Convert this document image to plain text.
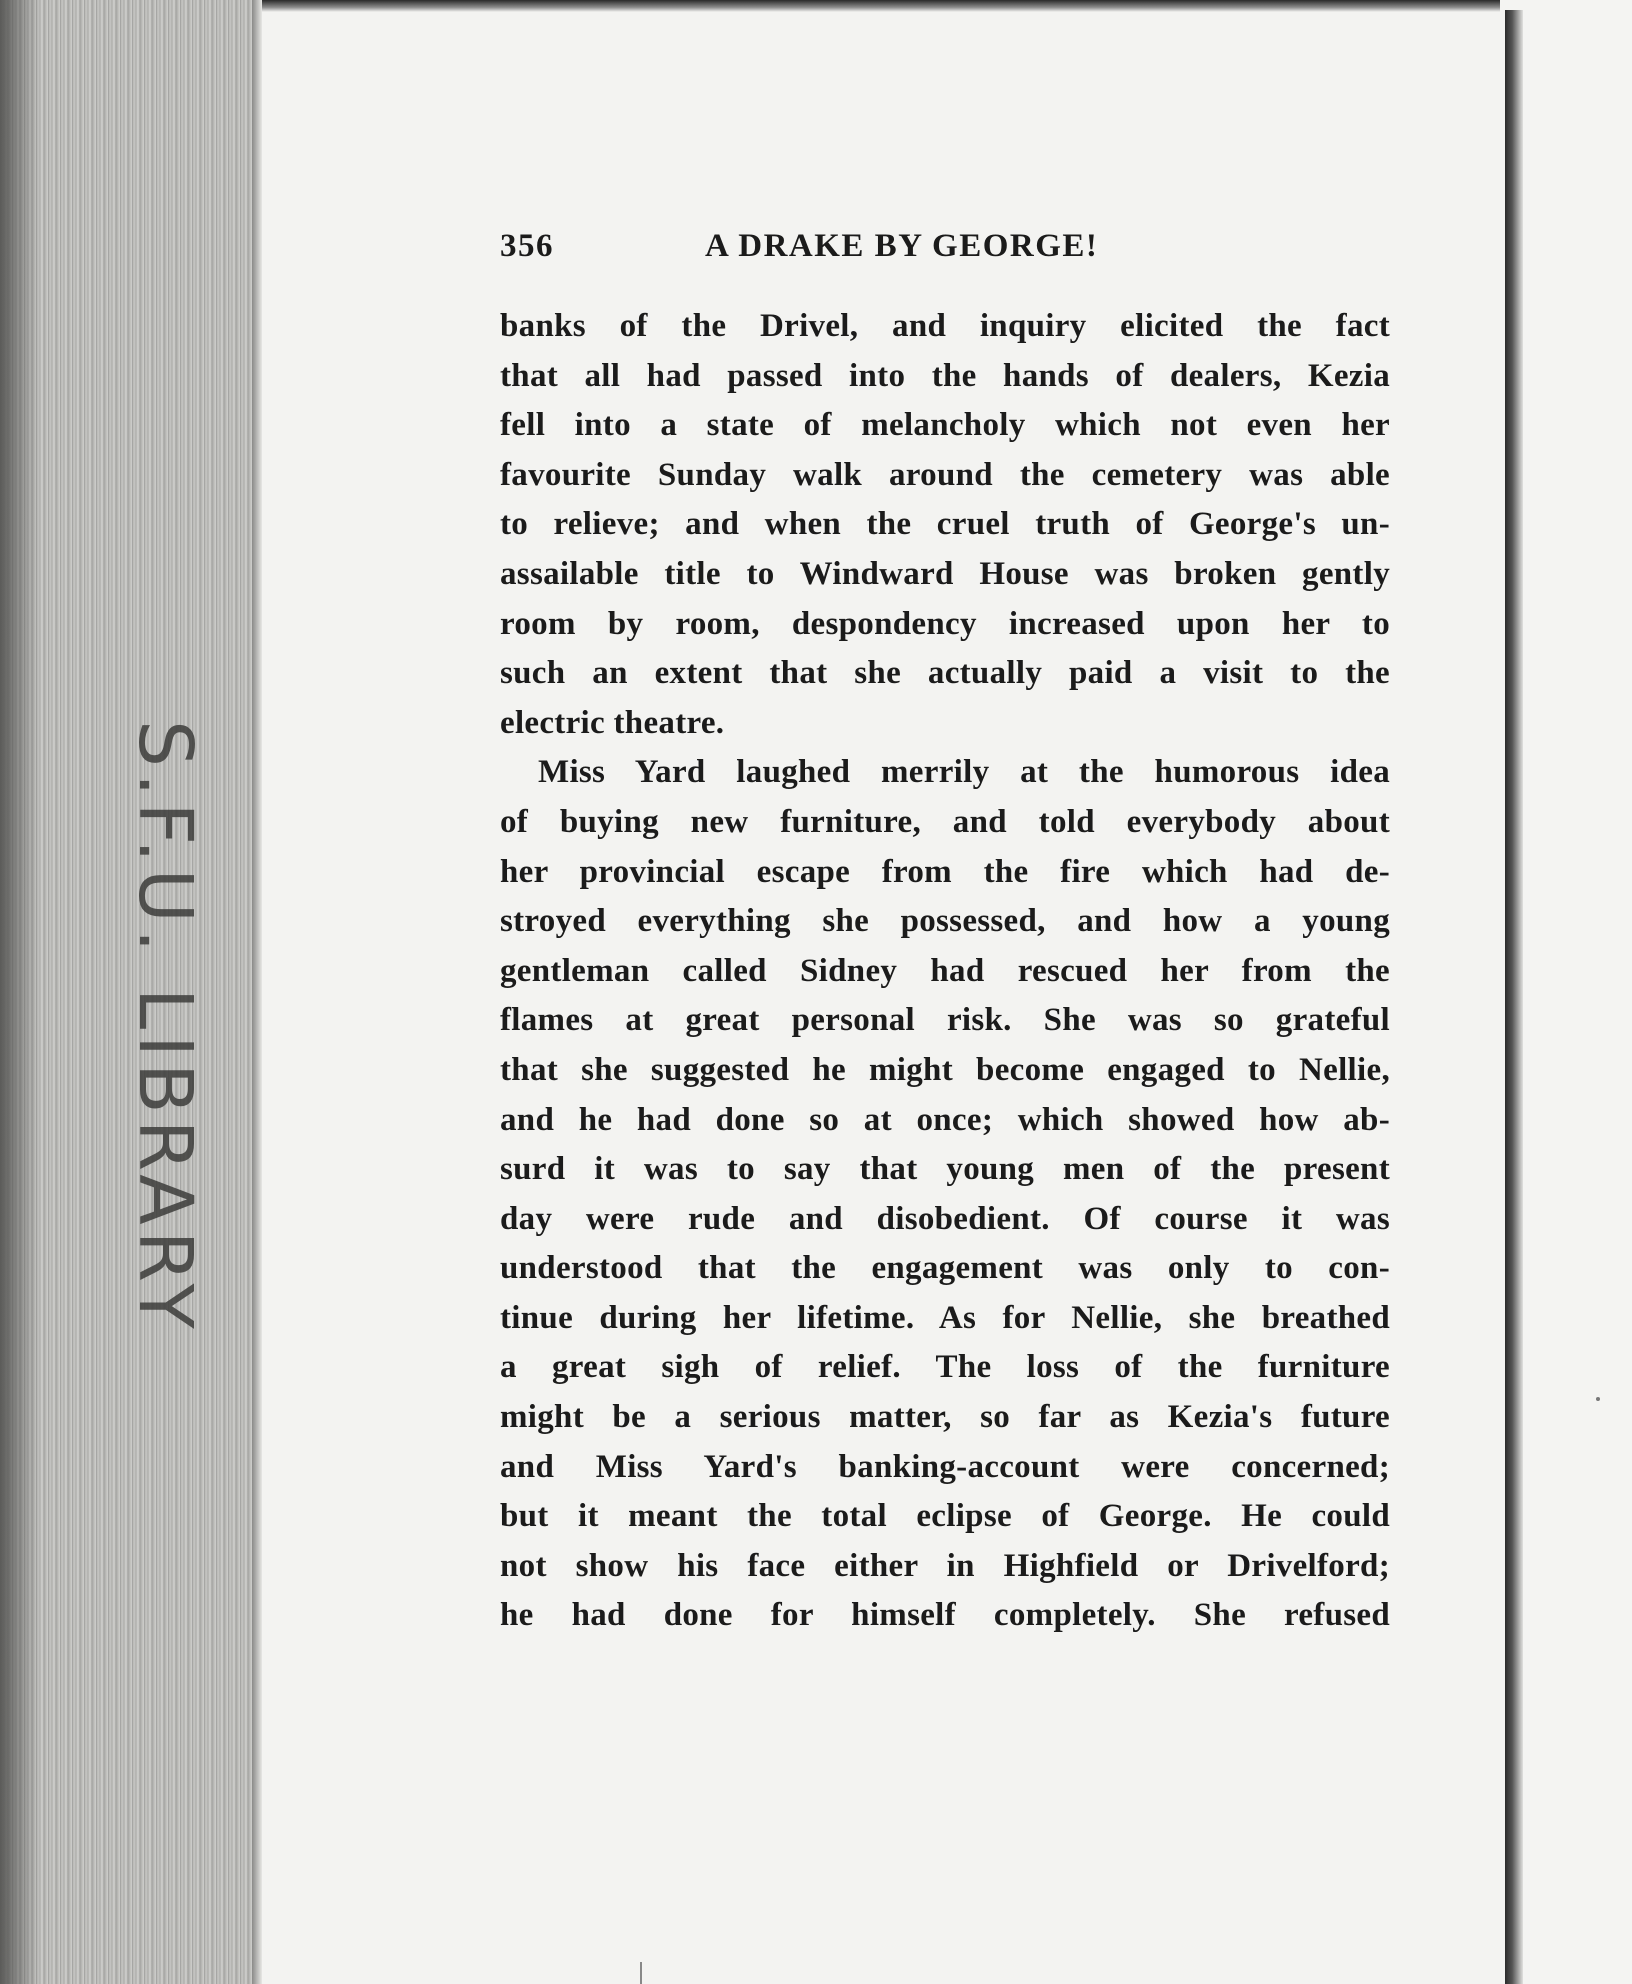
S.F.U. LIBRARY
356	A DRAKE BY GEORGE!
banks of the Drivel, and inquiry elicited the fact
that all had passed into the hands of dealers, Kezia
fell into a state of melancholy which not even her
favourite Sunday walk around the cemetery was able
to relieve; and when the cruel truth of George's un-
assailable title to Windward House was broken gently
room by room, despondency increased upon her to
such an extent that she actually paid a visit to the
electric theatre.
Miss Yard laughed merrily at the humorous idea
of buying new furniture, and told everybody about
her provincial escape from the fire which had de-
stroyed everything she possessed, and how a young
gentleman called Sidney had rescued her from the
flames at great personal risk. She was so grateful
that she suggested he might become engaged to Nellie,
and he had done so at once; which showed how ab-
surd it was to say that young men of the present
day were rude and disobedient. Of course it was
understood that the engagement was only to con-
tinue during her lifetime. As for Nellie, she breathed
a great sigh of relief. The loss of the furniture
might be a serious matter, so far as Kezia's future
and Miss Yard's banking-account were concerned;
but it meant the total eclipse of George. He could
not show his face either in Highfield or Drivelford;
he had done for himself completely. She refused
